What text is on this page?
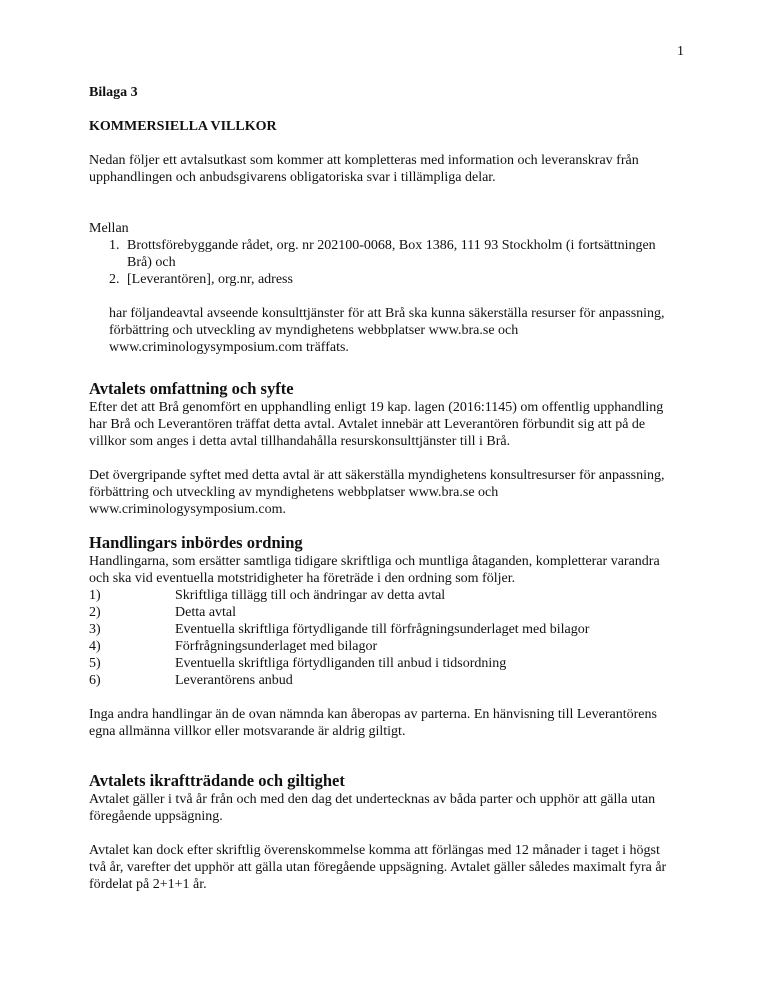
1

Bilaga 3

KOMMERSIELLA VILLKOR

Nedan följer ett avtalsutkast som kommer att kompletteras med information och leveranskrav från upphandlingen och anbudsgivarens obligatoriska svar i tillämpliga delar.

Mellan

1. Brottsförebyggande rådet, org. nr 202100-0068, Box 1386, 111 93 Stockholm (i fortsättningen Brå) och
2. [Leverantören], org.nr, adress

har följandeavtal avseende konsulttjänster för att Brå ska kunna säkerställa resurser för anpassning, förbättring och utveckling av myndighetens webbplatser www.bra.se och www.criminologysymposium.com träffats.

Avtalets omfattning och syfte

Efter det att Brå genomfört en upphandling enligt 19 kap. lagen (2016:1145) om offentlig upphandling har Brå och Leverantören träffat detta avtal. Avtalet innebär att Leverantören förbundit sig att på de villkor som anges i detta avtal tillhandahålla resurskonsulttjänster till i Brå.

Det övergripande syftet med detta avtal är att säkerställa myndighetens konsultresurser för anpassning, förbättring och utveckling av myndighetens webbplatser www.bra.se och www.criminologysymposium.com.

Handlingars inbördes ordning

Handlingarna, som ersätter samtliga tidigare skriftliga och muntliga åtaganden, kompletterar varandra och ska vid eventuella motstridigheter ha företräde i den ordning som följer.

1)	Skriftliga tillägg till och ändringar av detta avtal
2)	Detta avtal
3)	Eventuella skriftliga förtydligande till förfrågningsunderlaget med bilagor
4)	Förfrågningsunderlaget med bilagor
5)	Eventuella skriftliga förtydliganden till anbud i tidsordning
6)	Leverantörens anbud

Inga andra handlingar än de ovan nämnda kan åberopas av parterna. En hänvisning till Leverantörens egna allmänna villkor eller motsvarande är aldrig giltigt.

Avtalets ikraftträdande och giltighet

Avtalet gäller i två år från och med den dag det undertecknas av båda parter och upphör att gälla utan föregående uppsägning.

Avtalet kan dock efter skriftlig överenskommelse komma att förlängas med 12 månader i taget i högst två år, varefter det upphör att gälla utan föregående uppsägning. Avtalet gäller således maximalt fyra år fördelat på 2+1+1 år.
